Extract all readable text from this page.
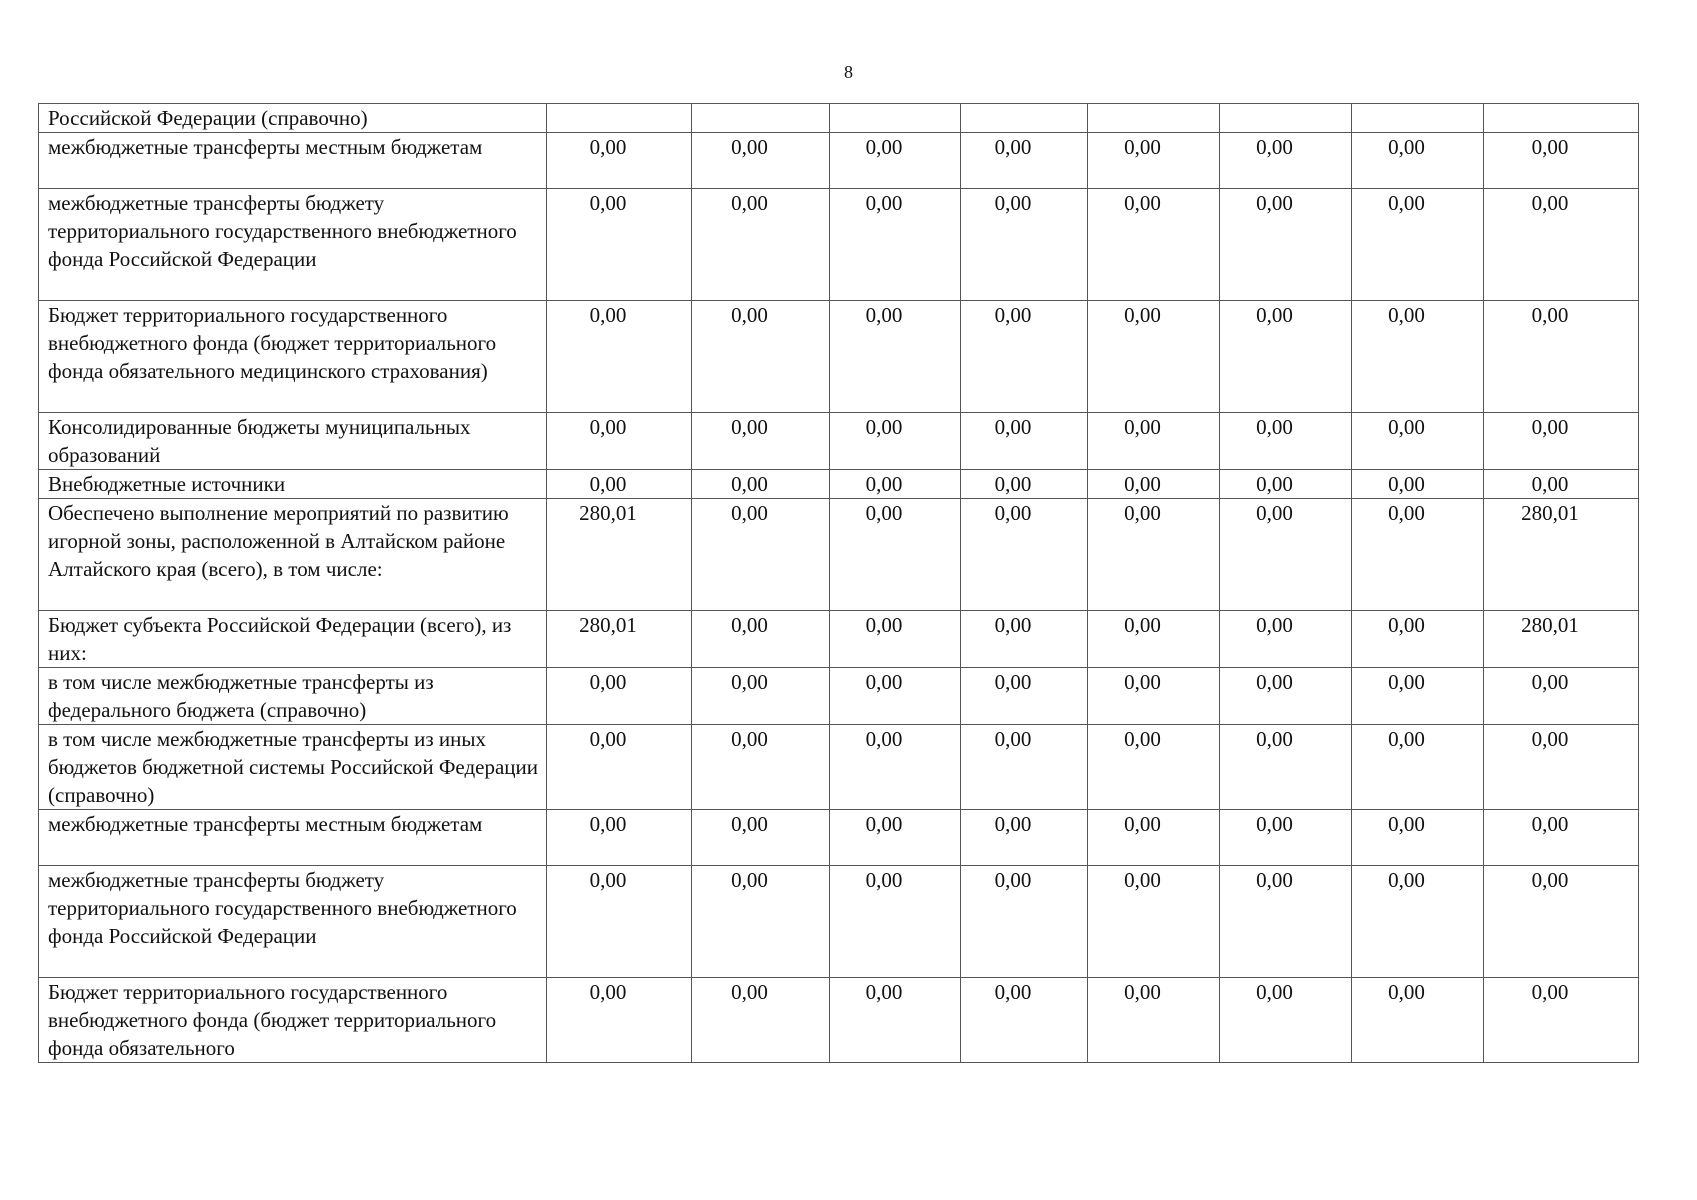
8
Российской Федерации (справочно)								
межбюджетные трансферты местным бюджетам	0,00	0,00	0,00	0,00	0,00	0,00	0,00	0,00
межбюджетные трансферты бюджету территориального государственного внебюджетного фонда Российской Федерации	0,00	0,00	0,00	0,00	0,00	0,00	0,00	0,00
Бюджет территориального государственного внебюджетного фонда (бюджет территориального фонда обязательного медицинского страхования)	0,00	0,00	0,00	0,00	0,00	0,00	0,00	0,00
Консолидированные бюджеты муниципальных образований	0,00	0,00	0,00	0,00	0,00	0,00	0,00	0,00
Внебюджетные источники	0,00	0,00	0,00	0,00	0,00	0,00	0,00	0,00
Обеспечено выполнение мероприятий по развитию игорной зоны, расположенной в Алтайском районе Алтайского края (всего), в том числе:	280,01	0,00	0,00	0,00	0,00	0,00	0,00	280,01
Бюджет субъекта Российской Федерации (всего), из них:	280,01	0,00	0,00	0,00	0,00	0,00	0,00	280,01
в том числе межбюджетные трансферты из федерального бюджета (справочно)	0,00	0,00	0,00	0,00	0,00	0,00	0,00	0,00
в том числе межбюджетные трансферты из иных бюджетов бюджетной системы Российской Федерации (справочно)	0,00	0,00	0,00	0,00	0,00	0,00	0,00	0,00
межбюджетные трансферты местным бюджетам	0,00	0,00	0,00	0,00	0,00	0,00	0,00	0,00
межбюджетные трансферты бюджету территориального государственного внебюджетного фонда Российской Федерации	0,00	0,00	0,00	0,00	0,00	0,00	0,00	0,00
Бюджет территориального государственного внебюджетного фонда (бюджет территориального фонда обязательного	0,00	0,00	0,00	0,00	0,00	0,00	0,00	0,00
